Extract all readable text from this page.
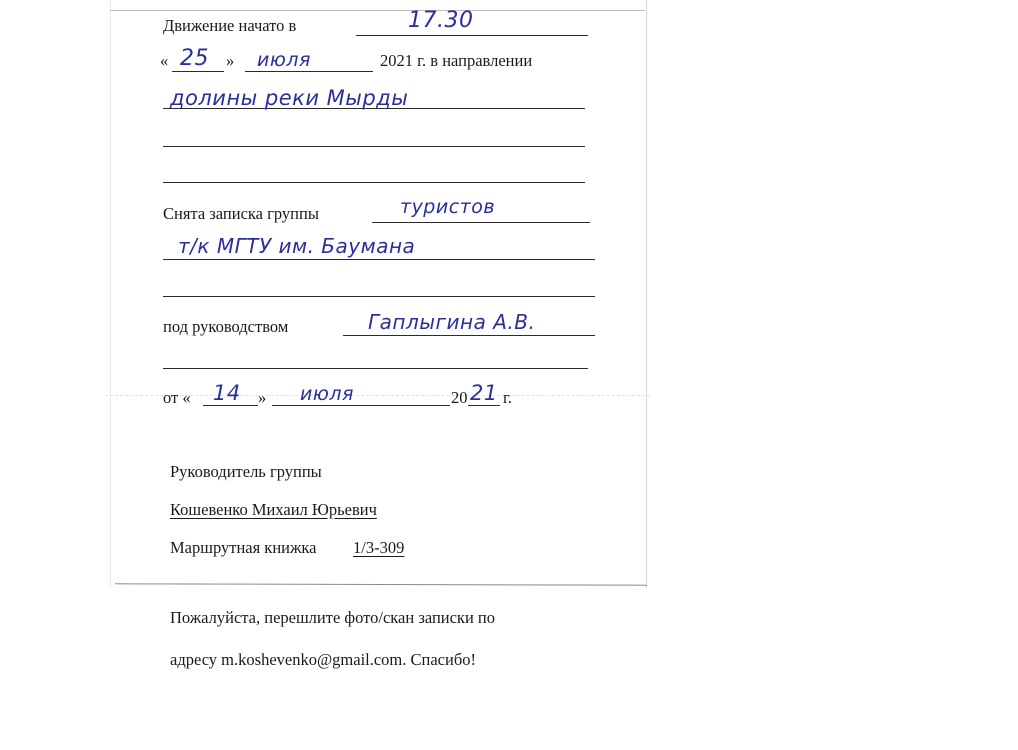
Движение начато в	17.30
« 25 » июля	2021 г. в направлении
долины реки Мырды
Снята записка группы	туристов
т/к МГТУ им. Баумана
под руководством	Гаплыгина А.В.
от « 14 » июля	20 21 г.
Руководитель группы
Кошевенко Михаил Юрьевич
Маршрутная книжка 1/3-309
Пожалуйста, перешлите фото/скан записки по
адресу m.koshevenko@gmail.com. Спасибо!
